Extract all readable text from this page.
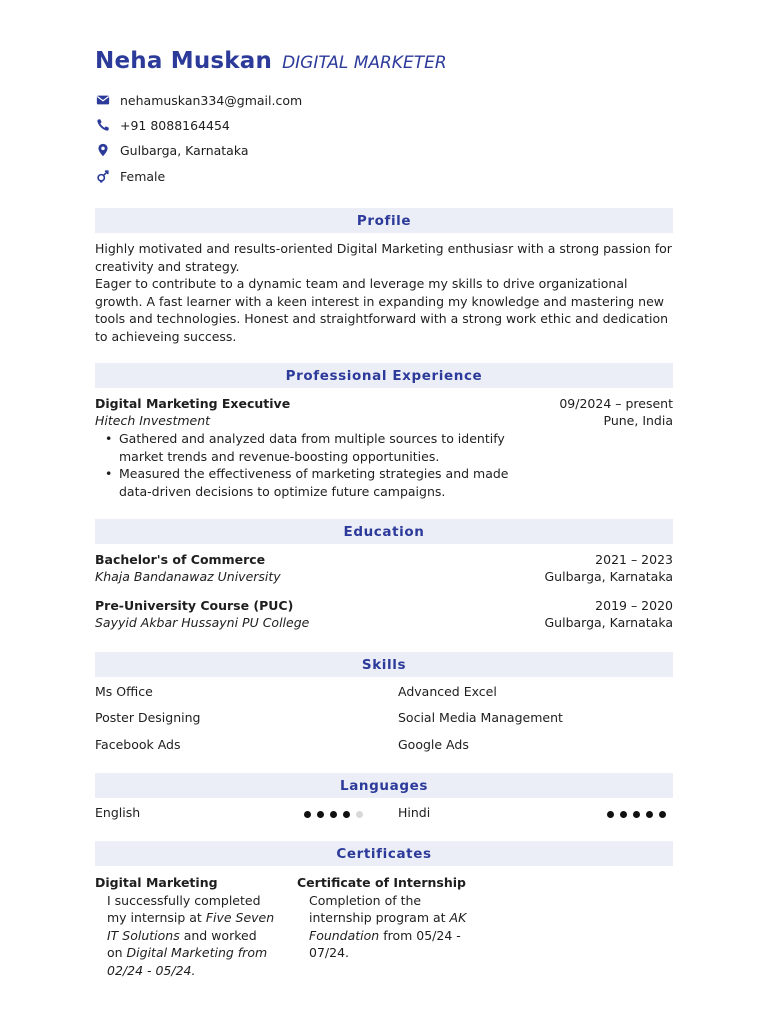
Neha Muskan DIGITAL MARKETER
nehamuskan334@gmail.com
+91 8088164454
Gulbarga, Karnataka
Female
Profile
Highly motivated and results-oriented Digital Marketing enthusiasr with a strong passion for creativity and strategy.
Eager to contribute to a dynamic team and leverage my skills to drive organizational growth. A fast learner with a keen interest in expanding my knowledge and mastering new tools and technologies. Honest and straightforward with a strong work ethic and dedication to achieveing success.
Professional Experience
Digital Marketing Executive	09/2024 – present
Hitech Investment	Pune, India
• Gathered and analyzed data from multiple sources to identify market trends and revenue-boosting opportunities.
• Measured the effectiveness of marketing strategies and made data-driven decisions to optimize future campaigns.
Education
Bachelor's of Commerce	2021 – 2023
Khaja Bandanawaz University	Gulbarga, Karnataka
Pre-University Course (PUC)	2019 – 2020
Sayyid Akbar Hussayni PU College	Gulbarga, Karnataka
Skills
Ms Office	Advanced Excel
Poster Designing	Social Media Management
Facebook Ads	Google Ads
Languages
English	Hindi
Certificates
Digital Marketing
I successfully completed my internsip at Five Seven IT Solutions and worked on Digital Marketing from 02/24 - 05/24.
Certificate of Internship
Completion of the internship program at AK Foundation from 05/24 - 07/24.
